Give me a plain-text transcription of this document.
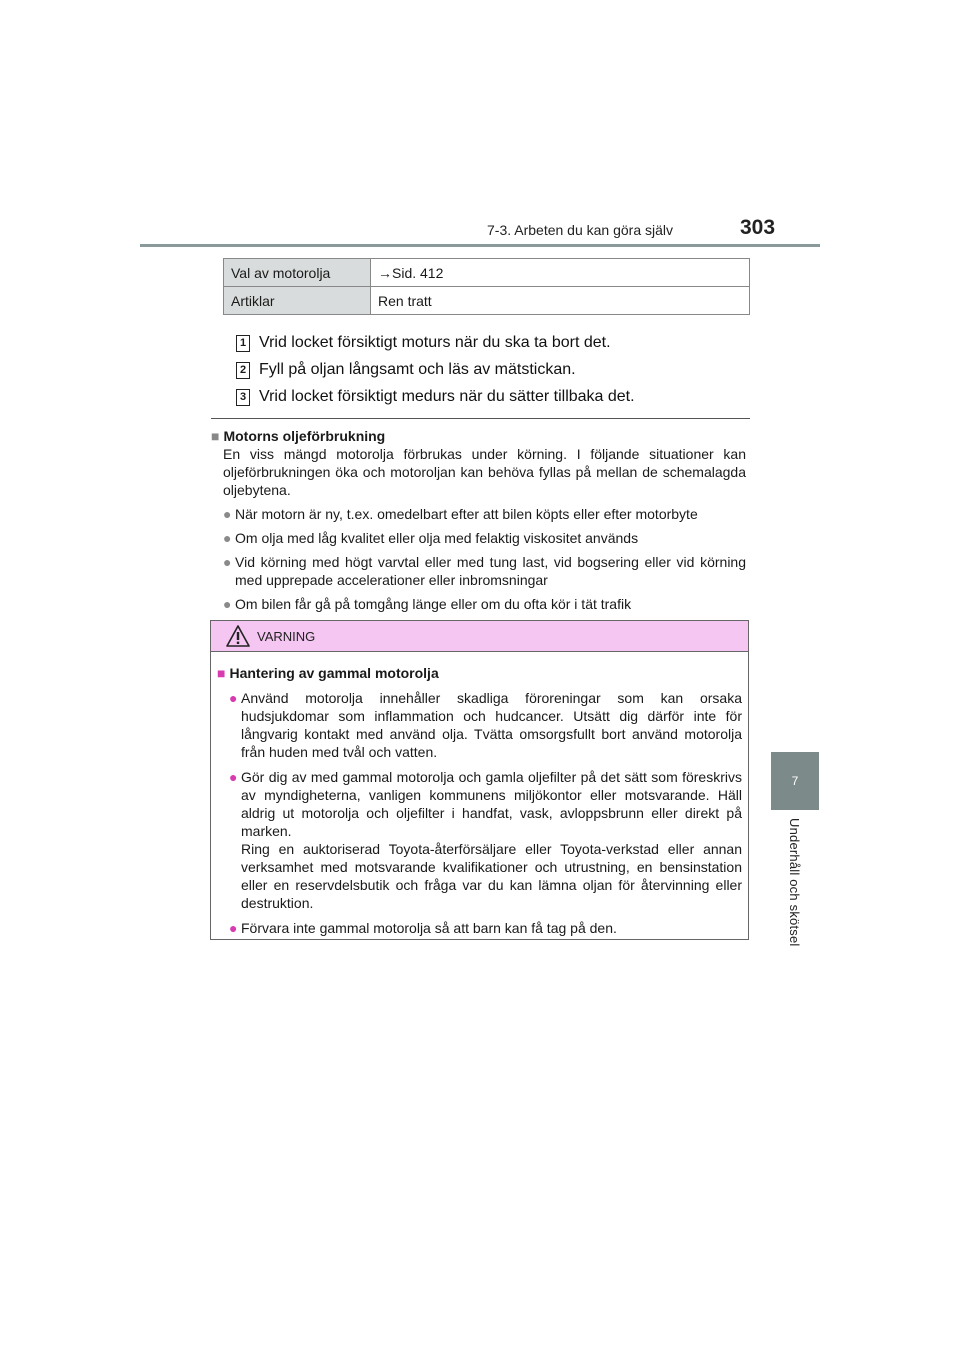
7-3. Arbeten du kan göra själv	303
7
Underhåll och skötsel
Val av motorolja	→Sid. 412
Artiklar	Ren tratt
1 Vrid locket försiktigt moturs när du ska ta bort det.
2 Fyll på oljan långsamt och läs av mätstickan.
3 Vrid locket försiktigt medurs när du sätter tillbaka det.
■ Motorns oljeförbrukning
En viss mängd motorolja förbrukas under körning. I följande situationer kan oljeförbrukningen öka och motoroljan kan behöva fyllas på mellan de schemalagda oljebytena.
● När motorn är ny, t.ex. omedelbart efter att bilen köpts eller efter motorbyte
● Om olja med låg kvalitet eller olja med felaktig viskositet används
● Vid körning med högt varvtal eller med tung last, vid bogsering eller vid körning med upprepade accelerationer eller inbromsningar
● Om bilen får gå på tomgång länge eller om du ofta kör i tät trafik
VARNING
■ Hantering av gammal motorolja
● Använd motorolja innehåller skadliga föroreningar som kan orsaka hudsjukdomar som inflammation och hudcancer. Utsätt dig därför inte för långvarig kontakt med använd olja. Tvätta omsorgsfullt bort använd motorolja från huden med tvål och vatten.
● Gör dig av med gammal motorolja och gamla oljefilter på det sätt som föreskrivs av myndigheterna, vanligen kommunens miljökontor eller motsvarande. Häll aldrig ut motorolja och oljefilter i handfat, vask, avloppsbrunn eller direkt på marken.
Ring en auktoriserad Toyota-återförsäljare eller Toyota-verkstad eller annan verksamhet med motsvarande kvalifikationer och utrustning, en bensinstation eller en reservdelsbutik och fråga var du kan lämna oljan för återvinning eller destruktion.
● Förvara inte gammal motorolja så att barn kan få tag på den.
